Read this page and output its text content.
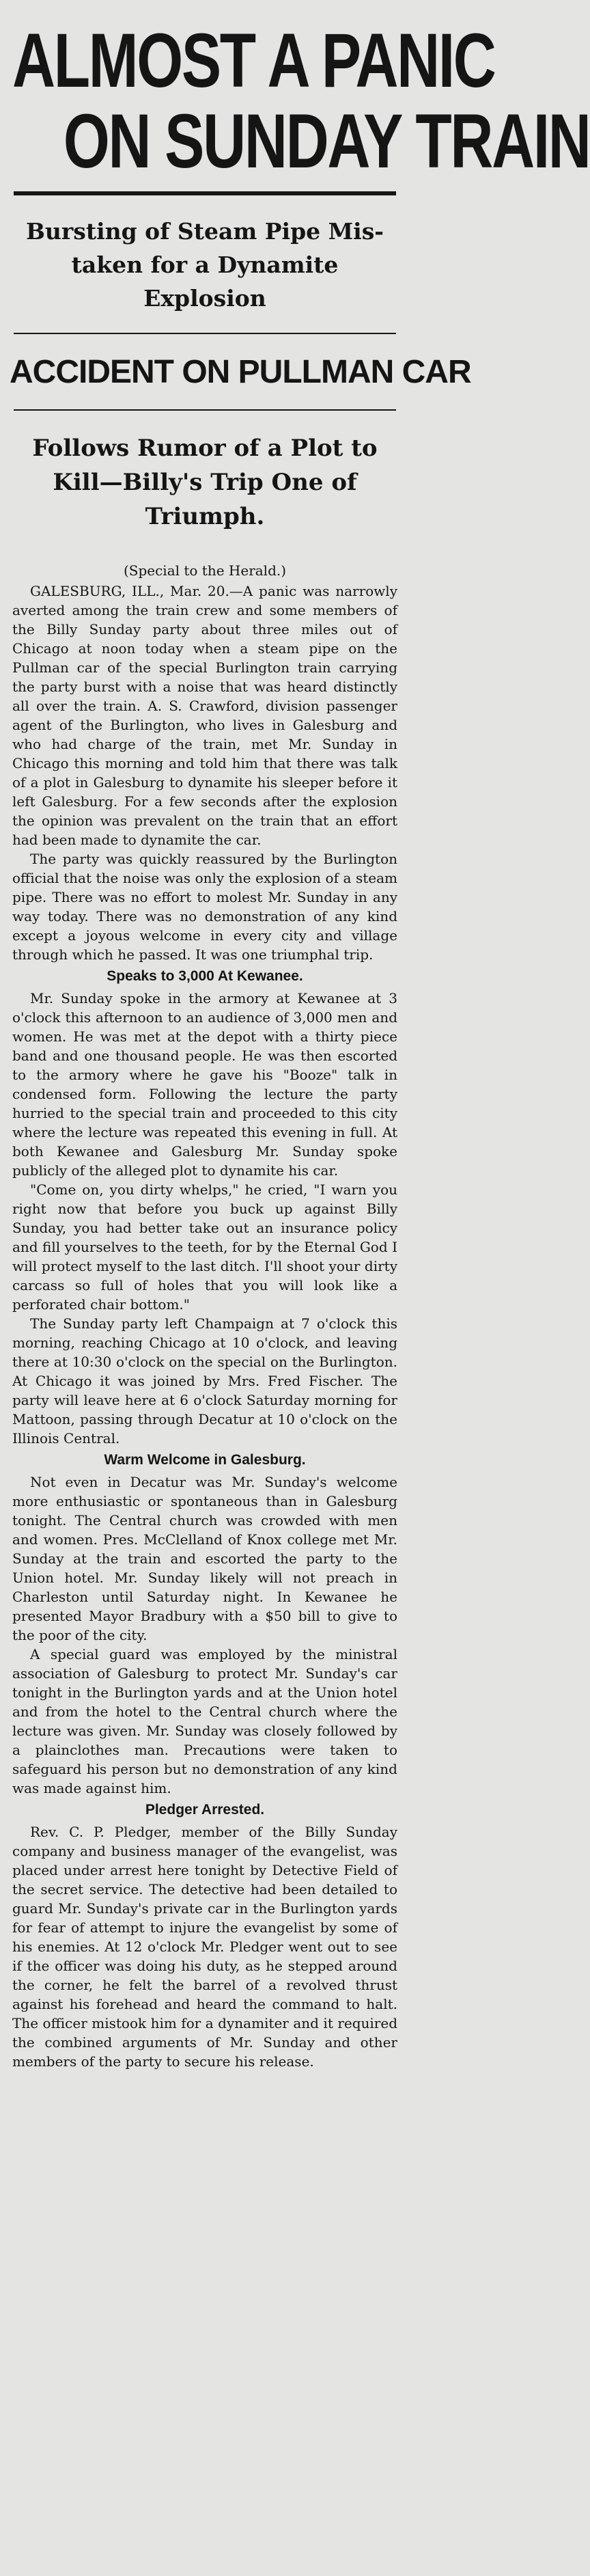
ALMOST A PANIC
ON SUNDAY TRAIN
Bursting of Steam Pipe Mis-
taken for a Dynamite
Explosion
ACCIDENT ON PULLMAN CAR
Follows Rumor of a Plot to
Kill—Billy's Trip One of
Triumph.

(Special to the Herald.)

GALESBURG, ILL., Mar. 20.—A panic was narrowly averted among the train crew and some members of the Billy Sunday party about three miles out of Chicago at noon today when a steam pipe on the Pullman car of the special Burlington train carrying the party burst with a noise that was heard distinctly all over the train. A. S. Crawford, division passenger agent of the Burlington, who lives in Galesburg and who had charge of the train, met Mr. Sunday in Chicago this morning and told him that there was talk of a plot in Galesburg to dynamite his sleeper before it left Galesburg. For a few seconds after the explosion the opinion was prevalent on the train that an effort had been made to dynamite the car.

The party was quickly reassured by the Burlington official that the noise was only the explosion of a steam pipe. There was no effort to molest Mr. Sunday in any way today. There was no demonstration of any kind except a joyous welcome in every city and village through which he passed. It was one triumphal trip.

Speaks to 3,000 At Kewanee.

Mr. Sunday spoke in the armory at Kewanee at 3 o'clock this afternoon to an audience of 3,000 men and women. He was met at the depot with a thirty piece band and one thousand people. He was then escorted to the armory where he gave his "Booze" talk in condensed form. Following the lecture the party hurried to the special train and proceeded to this city where the lecture was repeated this evening in full. At both Kewanee and Galesburg Mr. Sunday spoke publicly of the alleged plot to dynamite his car.

"Come on, you dirty whelps," he cried, "I warn you right now that before you buck up against Billy Sunday, you had better take out an insurance policy and fill yourselves to the teeth, for by the Eternal God I will protect myself to the last ditch. I'll shoot your dirty carcass so full of holes that you will look like a perforated chair bottom."

The Sunday party left Champaign at 7 o'clock this morning, reaching Chicago at 10 o'clock, and leaving there at 10:30 o'clock on the special on the Burlington. At Chicago it was joined by Mrs. Fred Fischer. The party will leave here at 6 o'clock Saturday morning for Mattoon, passing through Decatur at 10 o'clock on the Illinois Central.

Warm Welcome in Galesburg.

Not even in Decatur was Mr. Sunday's welcome more enthusiastic or spontaneous than in Galesburg tonight. The Central church was crowded with men and women. Pres. McClelland of Knox college met Mr. Sunday at the train and escorted the party to the Union hotel. Mr. Sunday likely will not preach in Charleston until Saturday night. In Kewanee he presented Mayor Bradbury with a $50 bill to give to the poor of the city.

A special guard was employed by the ministral association of Galesburg to protect Mr. Sunday's car tonight in the Burlington yards and at the Union hotel and from the hotel to the Central church where the lecture was given. Mr. Sunday was closely followed by a plainclothes man. Precautions were taken to safeguard his person but no demonstration of any kind was made against him.

Pledger Arrested.

Rev. C. P. Pledger, member of the Billy Sunday company and business manager of the evangelist, was placed under arrest here tonight by Detective Field of the secret service. The detective had been detailed to guard Mr. Sunday's private car in the Burlington yards for fear of attempt to injure the evangelist by some of his enemies. At 12 o'clock Mr. Pledger went out to see if the officer was doing his duty, as he stepped around the corner, he felt the barrel of a revolved thrust against his forehead and heard the command to halt. The officer mistook him for a dynamiter and it required the combined arguments of Mr. Sunday and other members of the party to secure his release.
